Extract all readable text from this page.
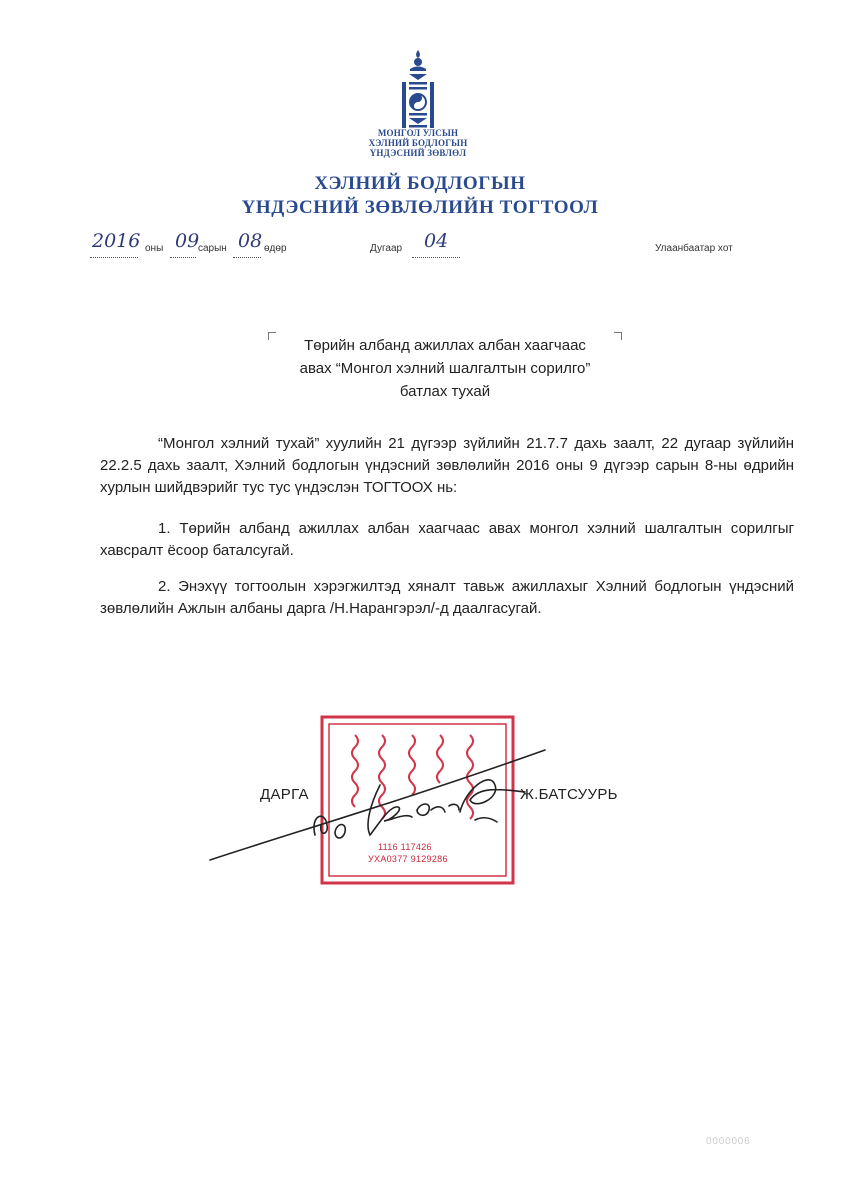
МОНГОЛ УЛСЫН
ХЭЛНИЙ БОДЛОГЫН
ҮНДЭСНИЙ ЗӨВЛӨЛ
ХЭЛНИЙ БОДЛОГЫН
ҮНДЭСНИЙ ЗӨВЛӨЛИЙН ТОГТООЛ
2016 оны 09
сарын 08 өдөр	Дугаар 04	Улаанбаатар хот
Төрийн албанд ажиллах албан хаагчаас
авах “Монгол хэлний шалгалтын сорилго”
батлах тухай
“Монгол хэлний тухай” хуулийн 21 дүгээр зүйлийн 21.7.7 дахь заалт, 22 дугаар зүйлийн 22.2.5 дахь заалт, Хэлний бодлогын үндэсний зөвлөлийн 2016 оны 9 дүгээр сарын 8-ны өдрийн хурлын шийдвэрийг тус тус үндэслэн ТОГТООХ нь:
1. Төрийн албанд ажиллах албан хаагчаас авах монгол хэлний шалгалтын сорилгыг хавсралт ёсоор баталсугай.
2. Энэхүү тогтоолын хэрэгжилтэд хяналт тавьж ажиллахыг Хэлний бодлогын үндэсний зөвлөлийн Ажлын албаны дарга /Н.Нарангэрэл/-д даалгасугай.
1116 117426
УХА0377 9129286
ДАРГА	Ж.БАТСУУРЬ
0000006
